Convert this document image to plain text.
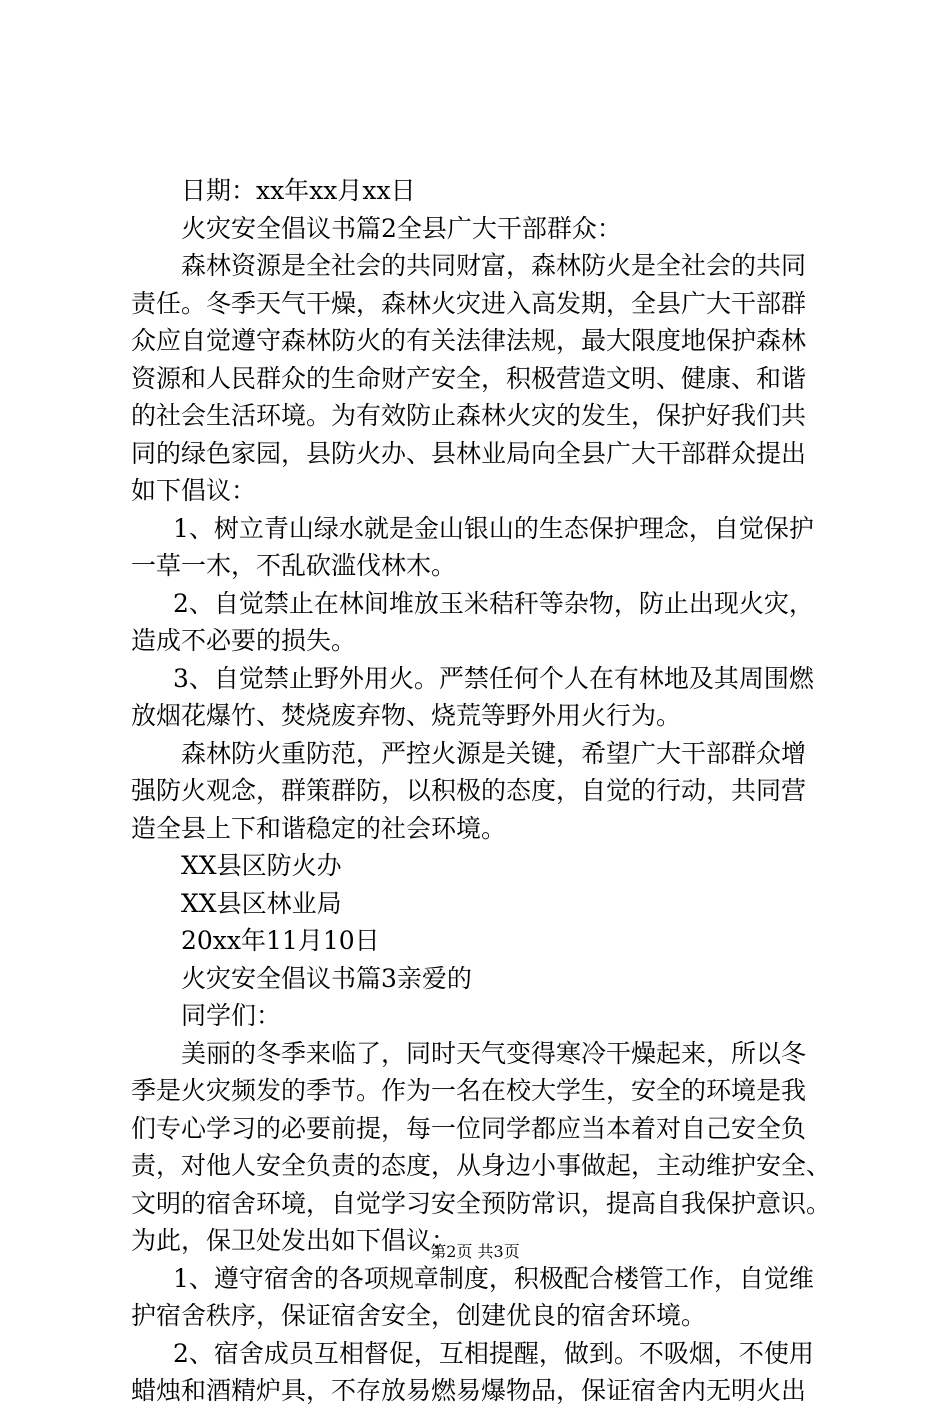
日期：xx年xx月xx日
火灾安全倡议书篇2全县广大干部群众：
森林资源是全社会的共同财富，森林防火是全社会的共同
责任。冬季天气干燥，森林火灾进入高发期，全县广大干部群
众应自觉遵守森林防火的有关法律法规，最大限度地保护森林
资源和人民群众的生命财产安全，积极营造文明、健康、和谐
的社会生活环境。为有效防止森林火灾的发生，保护好我们共
同的绿色家园，县防火办、县林业局向全县广大干部群众提出
如下倡议：
1、树立青山绿水就是金山银山的生态保护理念，自觉保护
一草一木，不乱砍滥伐林木。
2、自觉禁止在林间堆放玉米秸秆等杂物，防止出现火灾，
造成不必要的损失。
3、自觉禁止野外用火。严禁任何个人在有林地及其周围燃
放烟花爆竹、焚烧废弃物、烧荒等野外用火行为。
森林防火重防范，严控火源是关键，希望广大干部群众增
强防火观念，群策群防，以积极的态度，自觉的行动，共同营
造全县上下和谐稳定的社会环境。
XX县区防火办
XX县区林业局
20xx年11月10日
火灾安全倡议书篇3亲爱的
同学们：
美丽的冬季来临了，同时天气变得寒冷干燥起来，所以冬
季是火灾频发的季节。作为一名在校大学生，安全的环境是我
们专心学习的必要前提，每一位同学都应当本着对自己安全负
责，对他人安全负责的态度，从身边小事做起，主动维护安全、
文明的宿舍环境，自觉学习安全预防常识，提高自我保护意识。
为此，保卫处发出如下倡议：
1、遵守宿舍的各项规章制度，积极配合楼管工作，自觉维
护宿舍秩序，保证宿舍安全，创建优良的宿舍环境。
2、宿舍成员互相督促，互相提醒，做到。不吸烟，不使用
蜡烛和酒精炉具，不存放易燃易爆物品，保证宿舍内无明火出
第2页 共3页
